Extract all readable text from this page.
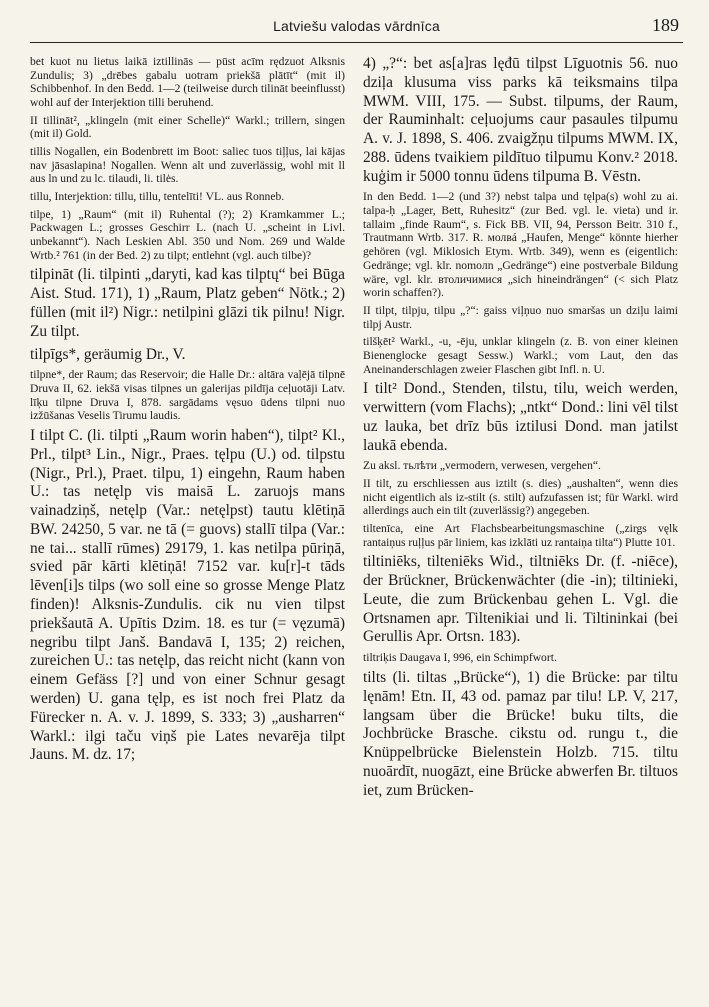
Latviešu valodas vārdnīca	189

bet kuot nu lietus laikā iztillinās — pūst acīm rędzuot Alksnis Zundulis; 3) „drēbes gabalu uotram priekšā plātīt“ (mit il) Schibbenhof. In den Bedd. 1—2 (teilweise durch tilināt beeinflusst) wohl auf der Interjektion tilli beruhend.

II tillināt², „klingeln (mit einer Schelle)“ Warkl.; trillern, singen (mit il) Gold.

tillis Nogallen, ein Bodenbrett im Boot: saliec tuos tiļļus, lai kājas nav jāsaslapina! Nogallen. Wenn alt und zuverlässig, wohl mit ll aus ln und zu lc. tilaudi, li. tilės.

tillu, Interjektion: tillu, tillu, tentelīti! VL. aus Ronneb.

tilpe, 1) „Raum“ (mit il) Ruhental (?); 2) Kramkammer L.; Packwagen L.; grosses Geschirr L. (nach U. „scheint in Livl. unbekannt“). Nach Leskien Abl. 350 und Nom. 269 und Walde Wrtb.² 761 (in der Bed. 2) zu tilpt; entlehnt (vgl. auch tilbe)?

tilpināt (li. tilpinti „daryti, kad kas tilptų“ bei Būga Aist. Stud. 171), 1) „Raum, Platz geben“ Nötk.; 2) füllen (mit il²) Nigr.: netilpini glāzi tik pilnu! Nigr. Zu tilpt.

tilpīgs*, geräumig Dr., V.

tilpne*, der Raum; das Reservoir; die Halle Dr.: altāra vaļējā tilpnē Druva II, 62. iekšā visas tilpnes un galerijas pildīja ceļuotāji Latv. līķu tilpne Druva I, 878. sargādams vęsuo ūdens tilpni nuo izžūšanas Veselis Tirumu laudis.

I tilpt C. (li. tilpti „Raum worin haben“), tilpt² Kl., Prl., tilpt³ Lin., Nigr., Praes. tęlpu (U.) od. tilpstu (Nigr., Prl.), Praet. tilpu, 1) eingehn, Raum haben U.: tas netęlp vis maisā L. zaruojs mans vainadziņš, netęlp (Var.: netęlpst) tautu klētiņā BW. 24250, 5 var. ne tā (= guovs) stallī tilpa (Var.: ne tai... stallī rūmes) 29179, 1. kas netilpa pūriņā, svied pār kārti klētiņā! 7152 var. ku[r]-t tāds lēven[i]s tilps (wo soll eine so grosse Menge Platz finden)! Alksnis-Zundulis. cik nu vien tilpst priekšautā A. Upītis Dzim. 18. es tur (= vęzumā) negribu tilpt Janš. Bandavā I, 135; 2) reichen, zureichen U.: tas netęlp, das reicht nicht (kann von einem Gefäss [?] und von einer Schnur gesagt werden) U. gana tęlp, es ist noch frei Platz da Fürecker n. A. v. J. 1899, S. 333; 3) „ausharren“ Warkl.: ilgi taču viņš pie Lates nevarēja tilpt Jauns. M. dz. 17;

4) „?“: bet as[a]ras lęđū tilpst Līguotnis 56. nuo dziļa klusuma viss parks kā teiksmains tilpa MWM. VIII, 175. — Subst. tilpums, der Raum, der Rauminhalt: ceļuojums caur pasaules tilpumu A. v. J. 1898, S. 406. zvaigžņu tilpums MWM. IX, 288. ūdens tvaikiem pildītuo tilpumu Konv.² 2018. kuģim ir 5000 tonnu ūdens tilpuma B. Vēstn.

In den Bedd. 1—2 (und 3?) nebst talpa und tęlpa(s) wohl zu ai. talpa-ḥ „Lager, Bett, Ruhesitz“ (zur Bed. vgl. le. vieta) und ir. tallaim „finde Raum“, s. Fick BB. VII, 94, Persson Beitr. 310 f., Trautmann Wrtb. 317. R. молвá „Haufen, Menge“ könnte hierher gehören (vgl. Miklosich Etym. Wrtb. 349), wenn es (eigentlich: Gedränge; vgl. klr. nomoлn „Gedränge“) eine postverbale Bildung wäre, vgl. klr. втоличимися „sich hineindrängen“ (< sich Platz worin schaffen?).

II tilpt, tilpju, tilpu „?“: gaiss viļņuo nuo smaršas un dziļu laimi tilpj Austr.

tilšķēt² Warkl., -u, -ēju, unklar klingeln (z. B. von einer kleinen Bienenglocke gesagt Sessw.) Warkl.; vom Laut, den das Aneinanderschlagen zweier Flaschen gibt Infl. n. U.

I tilt² Dond., Stenden, tilstu, tilu, weich werden, verwittern (vom Flachs); „ntkt“ Dond.: lini vēl tilst uz lauka, bet drīz būs iztilusi Dond. man jatilst laukā ebenda.

Zu aksl. тьлѣти „vermodern, verwesen, vergehen“.

II tilt, zu erschliessen aus iztilt (s. dies) „aushalten“, wenn dies nicht eigentlich als iz-stilt (s. stilt) aufzufassen ist; für Warkl. wird allerdings auch ein tilt (zuverlässig?) angegeben.

tiltenīca, eine Art Flachsbearbeitungsmaschine („zirgs vęlk rantaiņus ruļļus pār liniem, kas izklāti uz rantaiņa tilta“) Plutte 101.

tiltiniēks, tilteniēks Wid., tiltniēks Dr. (f. -niēce), der Brückner, Brückenwächter (die -in); tiltinieki, Leute, die zum Brückenbau gehen L. Vgl. die Ortsnamen apr. Tiltenikiai und li. Tiltininkai (bei Gerullis Apr. Ortsn. 183).

tiltriķis Daugava I, 996, ein Schimpfwort.

tilts (li. tiltas „Brücke“), 1) die Brücke: par tiltu lęnām! Etn. II, 43 od. pamaz par tilu! LP. V, 217, langsam über die Brücke! buku tilts, die Jochbrücke Brasche. cikstu od. rungu t., die Knüppelbrücke Bielenstein Holzb. 715. tiltu nuoārdīt, nuogāzt, eine Brücke abwerfen Br. tiltuos iet, zum Brücken-
